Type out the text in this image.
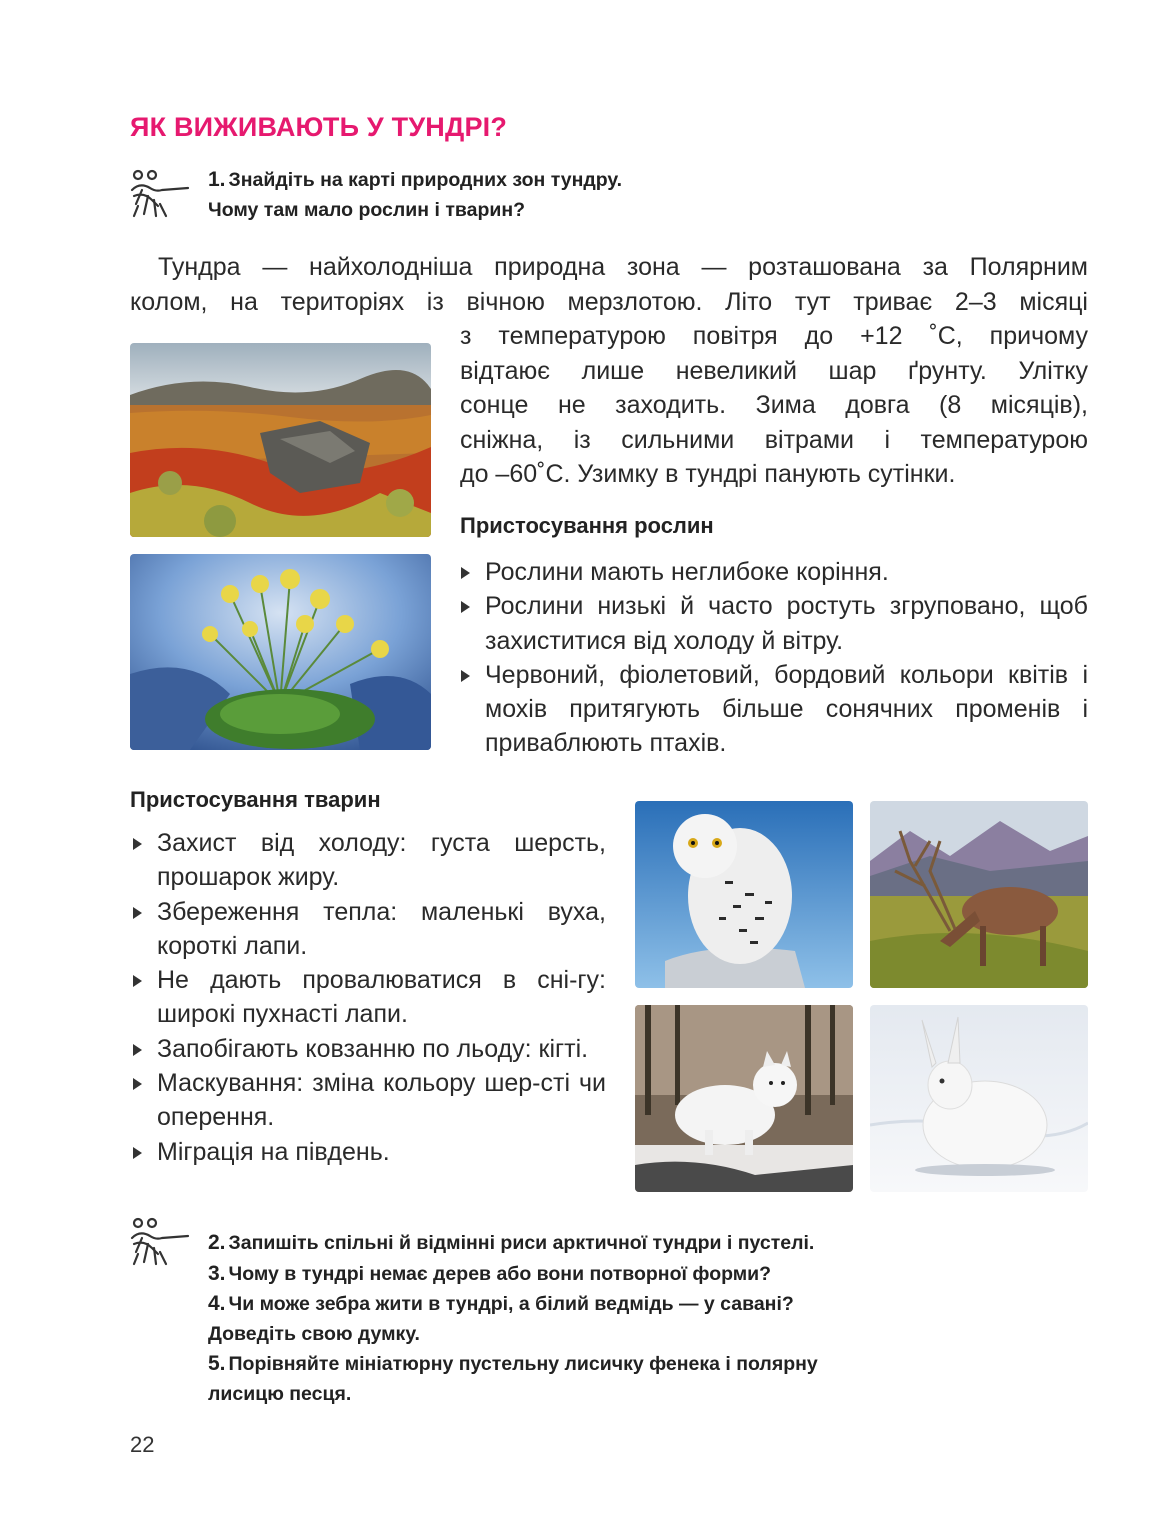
ЯК ВИЖИВАЮТЬ У ТУНДРІ?
1. Знайдіть на карті природних зон тундру.
Чому там мало рослин і тварин?
Тундра — найхолодніша природна зона — розташована за Полярним
колом, на територіях із вічною мерзлотою. Літо тут триває 2–3 місяці
з температурою повітря до +12 ˚С, причому
відтаює лише невеликий шар ґрунту. Улітку
сонце не заходить. Зима довга (8 місяців),
сніжна, із сильними вітрами і температурою
до –60˚С. Узимку в тундрі панують сутінки.
Пристосування рослин
Рослини мають неглибоке коріння.
Рослини низькі й часто ростуть згруповано, щоб захиститися від холоду й вітру.
Червоний, фіолетовий, бордовий кольори квітів і мохів притягують більше сонячних променів і приваблюють птахів.
Пристосування тварин
Захист від холоду: густа шерсть, прошарок жиру.
Збереження тепла: маленькі вуха, короткі лапи.
Не дають провалюватися в сні-гу: широкі пухнасті лапи.
Запобігають ковзанню по льоду: кігті.
Маскування: зміна кольору шер-сті чи оперення.
Міграція на південь.
2. Запишіть спільні й відмінні риси арктичної тундри і пустелі.
3. Чому в тундрі немає дерев або вони потворної форми?
4. Чи може зебра жити в тундрі, а білий ведмідь — у савані?
Доведіть свою думку.
5. Порівняйте мініатюрну пустельну лисичку фенека і полярну
лисицю песця.
22
